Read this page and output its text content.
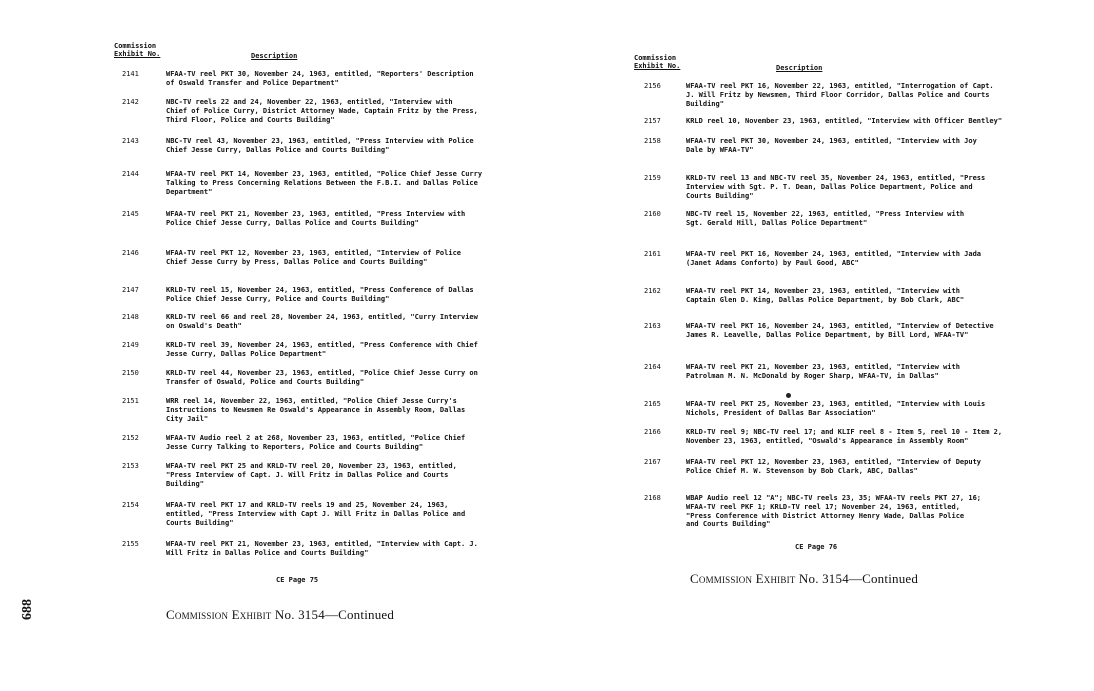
Commission
Exhibit No.	Description
2141	WFAA-TV reel PKT 30, November 24, 1963, entitled, "Reporters' Description
of Oswald Transfer and Police Department"
2142	NBC-TV reels 22 and 24, November 22, 1963, entitled, "Interview with
Chief of Police Curry, District Attorney Wade, Captain Fritz by the Press,
Third Floor, Police and Courts Building"
2143	NBC-TV reel 43, November 23, 1963, entitled, "Press Interview with Police
Chief Jesse Curry, Dallas Police and Courts Building"
2144	WFAA-TV reel PKT 14, November 23, 1963, entitled, "Police Chief Jesse Curry
Talking to Press Concerning Relations Between the F.B.I. and Dallas Police
Department"
2145	WFAA-TV reel PKT 21, November 23, 1963, entitled, "Press Interview with
Police Chief Jesse Curry, Dallas Police and Courts Building"
2146	WFAA-TV reel PKT 12, November 23, 1963, entitled, "Interview of Police
Chief Jesse Curry by Press, Dallas Police and Courts Building"
2147	KRLD-TV reel 15, November 24, 1963, entitled, "Press Conference of Dallas
Police Chief Jesse Curry, Police and Courts Building"
2148	KRLD-TV reel 66 and reel 28, November 24, 1963, entitled, "Curry Interview
on Oswald's Death"
2149	KRLD-TV reel 39, November 24, 1963, entitled, "Press Conference with Chief
Jesse Curry, Dallas Police Department"
2150	KRLD-TV reel 44, November 23, 1963, entitled, "Police Chief Jesse Curry on
Transfer of Oswald, Police and Courts Building"
2151	WRR reel 14, November 22, 1963, entitled, "Police Chief Jesse Curry's
Instructions to Newsmen Re Oswald's Appearance in Assembly Room, Dallas
City Jail"
2152	WFAA-TV Audio reel 2 at 268, November 23, 1963, entitled, "Police Chief
Jesse Curry Talking to Reporters, Police and Courts Building"
2153	WFAA-TV reel PKT 25 and KRLD-TV reel 20, November 23, 1963, entitled,
"Press Interview of Capt. J. Will Fritz in Dallas Police and Courts
Building"
2154	WFAA-TV reel PKT 17 and KRLD-TV reels 19 and 25, November 24, 1963,
entitled, "Press Interview with Capt J. Will Fritz in Dallas Police and
Courts Building"
2155	WFAA-TV reel PKT 21, November 23, 1963, entitled, "Interview with Capt. J.
Will Fritz in Dallas Police and Courts Building"
CE Page 75
Commission Exhibit No. 3154—Continued
Commission
Exhibit No.	Description
2156	WFAA-TV reel PKT 16, November 22, 1963, entitled, "Interrogation of Capt.
J. Will Fritz by Newsmen, Third Floor Corridor, Dallas Police and Courts
Building"
2157	KRLD reel 10, November 23, 1963, entitled, "Interview with Officer Bentley"
2158	WFAA-TV reel PKT 30, November 24, 1963, entitled, "Interview with Joy
Dale by WFAA-TV"
2159	KRLD-TV reel 13 and NBC-TV reel 35, November 24, 1963, entitled, "Press
Interview with Sgt. P. T. Dean, Dallas Police Department, Police and
Courts Building"
2160	NBC-TV reel 15, November 22, 1963, entitled, "Press Interview with
Sgt. Gerald Hill, Dallas Police Department"
2161	WFAA-TV reel PKT 16, November 24, 1963, entitled, "Interview with Jada
(Janet Adams Conforto) by Paul Good, ABC"
2162	WFAA-TV reel PKT 14, November 23, 1963, entitled, "Interview with
Captain Glen D. King, Dallas Police Department, by Bob Clark, ABC"
2163	WFAA-TV reel PKT 16, November 24, 1963, entitled, "Interview of Detective
James R. Leavelle, Dallas Police Department, by Bill Lord, WFAA-TV"
2164	WFAA-TV reel PKT 21, November 23, 1963, entitled, "Interview with
Patrolman M. N. McDonald by Roger Sharp, WFAA-TV, in Dallas"
2165	WFAA-TV reel PKT 25, November 23, 1963, entitled, "Interview with Louis
Nichols, President of Dallas Bar Association"
2166	KRLD-TV reel 9; NBC-TV reel 17; and KLIF reel 8 - Item 5, reel 10 - Item 2,
November 23, 1963, entitled, "Oswald's Appearance in Assembly Room"
2167	WFAA-TV reel PKT 12, November 23, 1963, entitled, "Interview of Deputy
Police Chief M. W. Stevenson by Bob Clark, ABC, Dallas"
2168	WBAP Audio reel 12 "A"; NBC-TV reels 23, 35; WFAA-TV reels PKT 27, 16;
WFAA-TV reel PKF 1; KRLD-TV reel 17; November 24, 1963, entitled,
"Press Conference with District Attorney Henry Wade, Dallas Police
and Courts Building"
CE Page 76
Commission Exhibit No. 3154—Continued
688
